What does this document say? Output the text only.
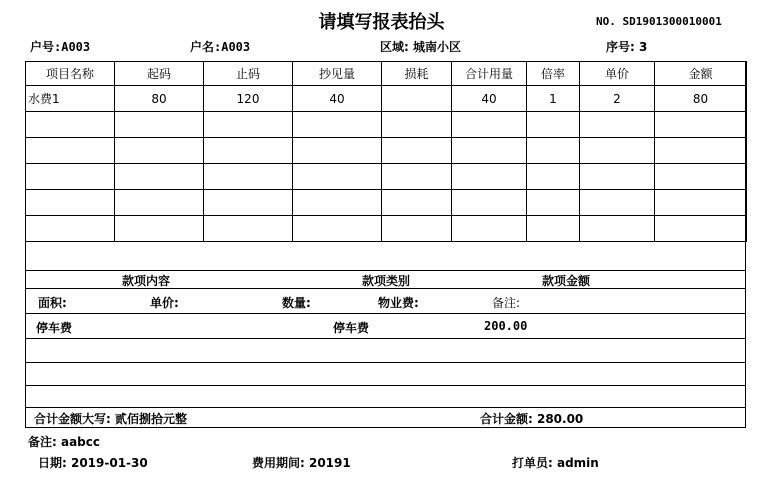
请填写报表抬头	NO. SD1901300010001
户号:A003	户名:A003	区域: 城南小区	序号: 3
项目名称	起码	止码	抄见量	损耗	合计用量	倍率	单价	金额
水费1	80	120	40		40	1	2	80

款项内容	款项类别	款项金额
面积:	单价:	数量:	物业费:	备注:
停车费	停车费	200.00
合计金额大写: 贰佰捌拾元整	合计金额: 280.00
备注: aabcc
日期: 2019-01-30	费用期间: 20191	打单员: admin
